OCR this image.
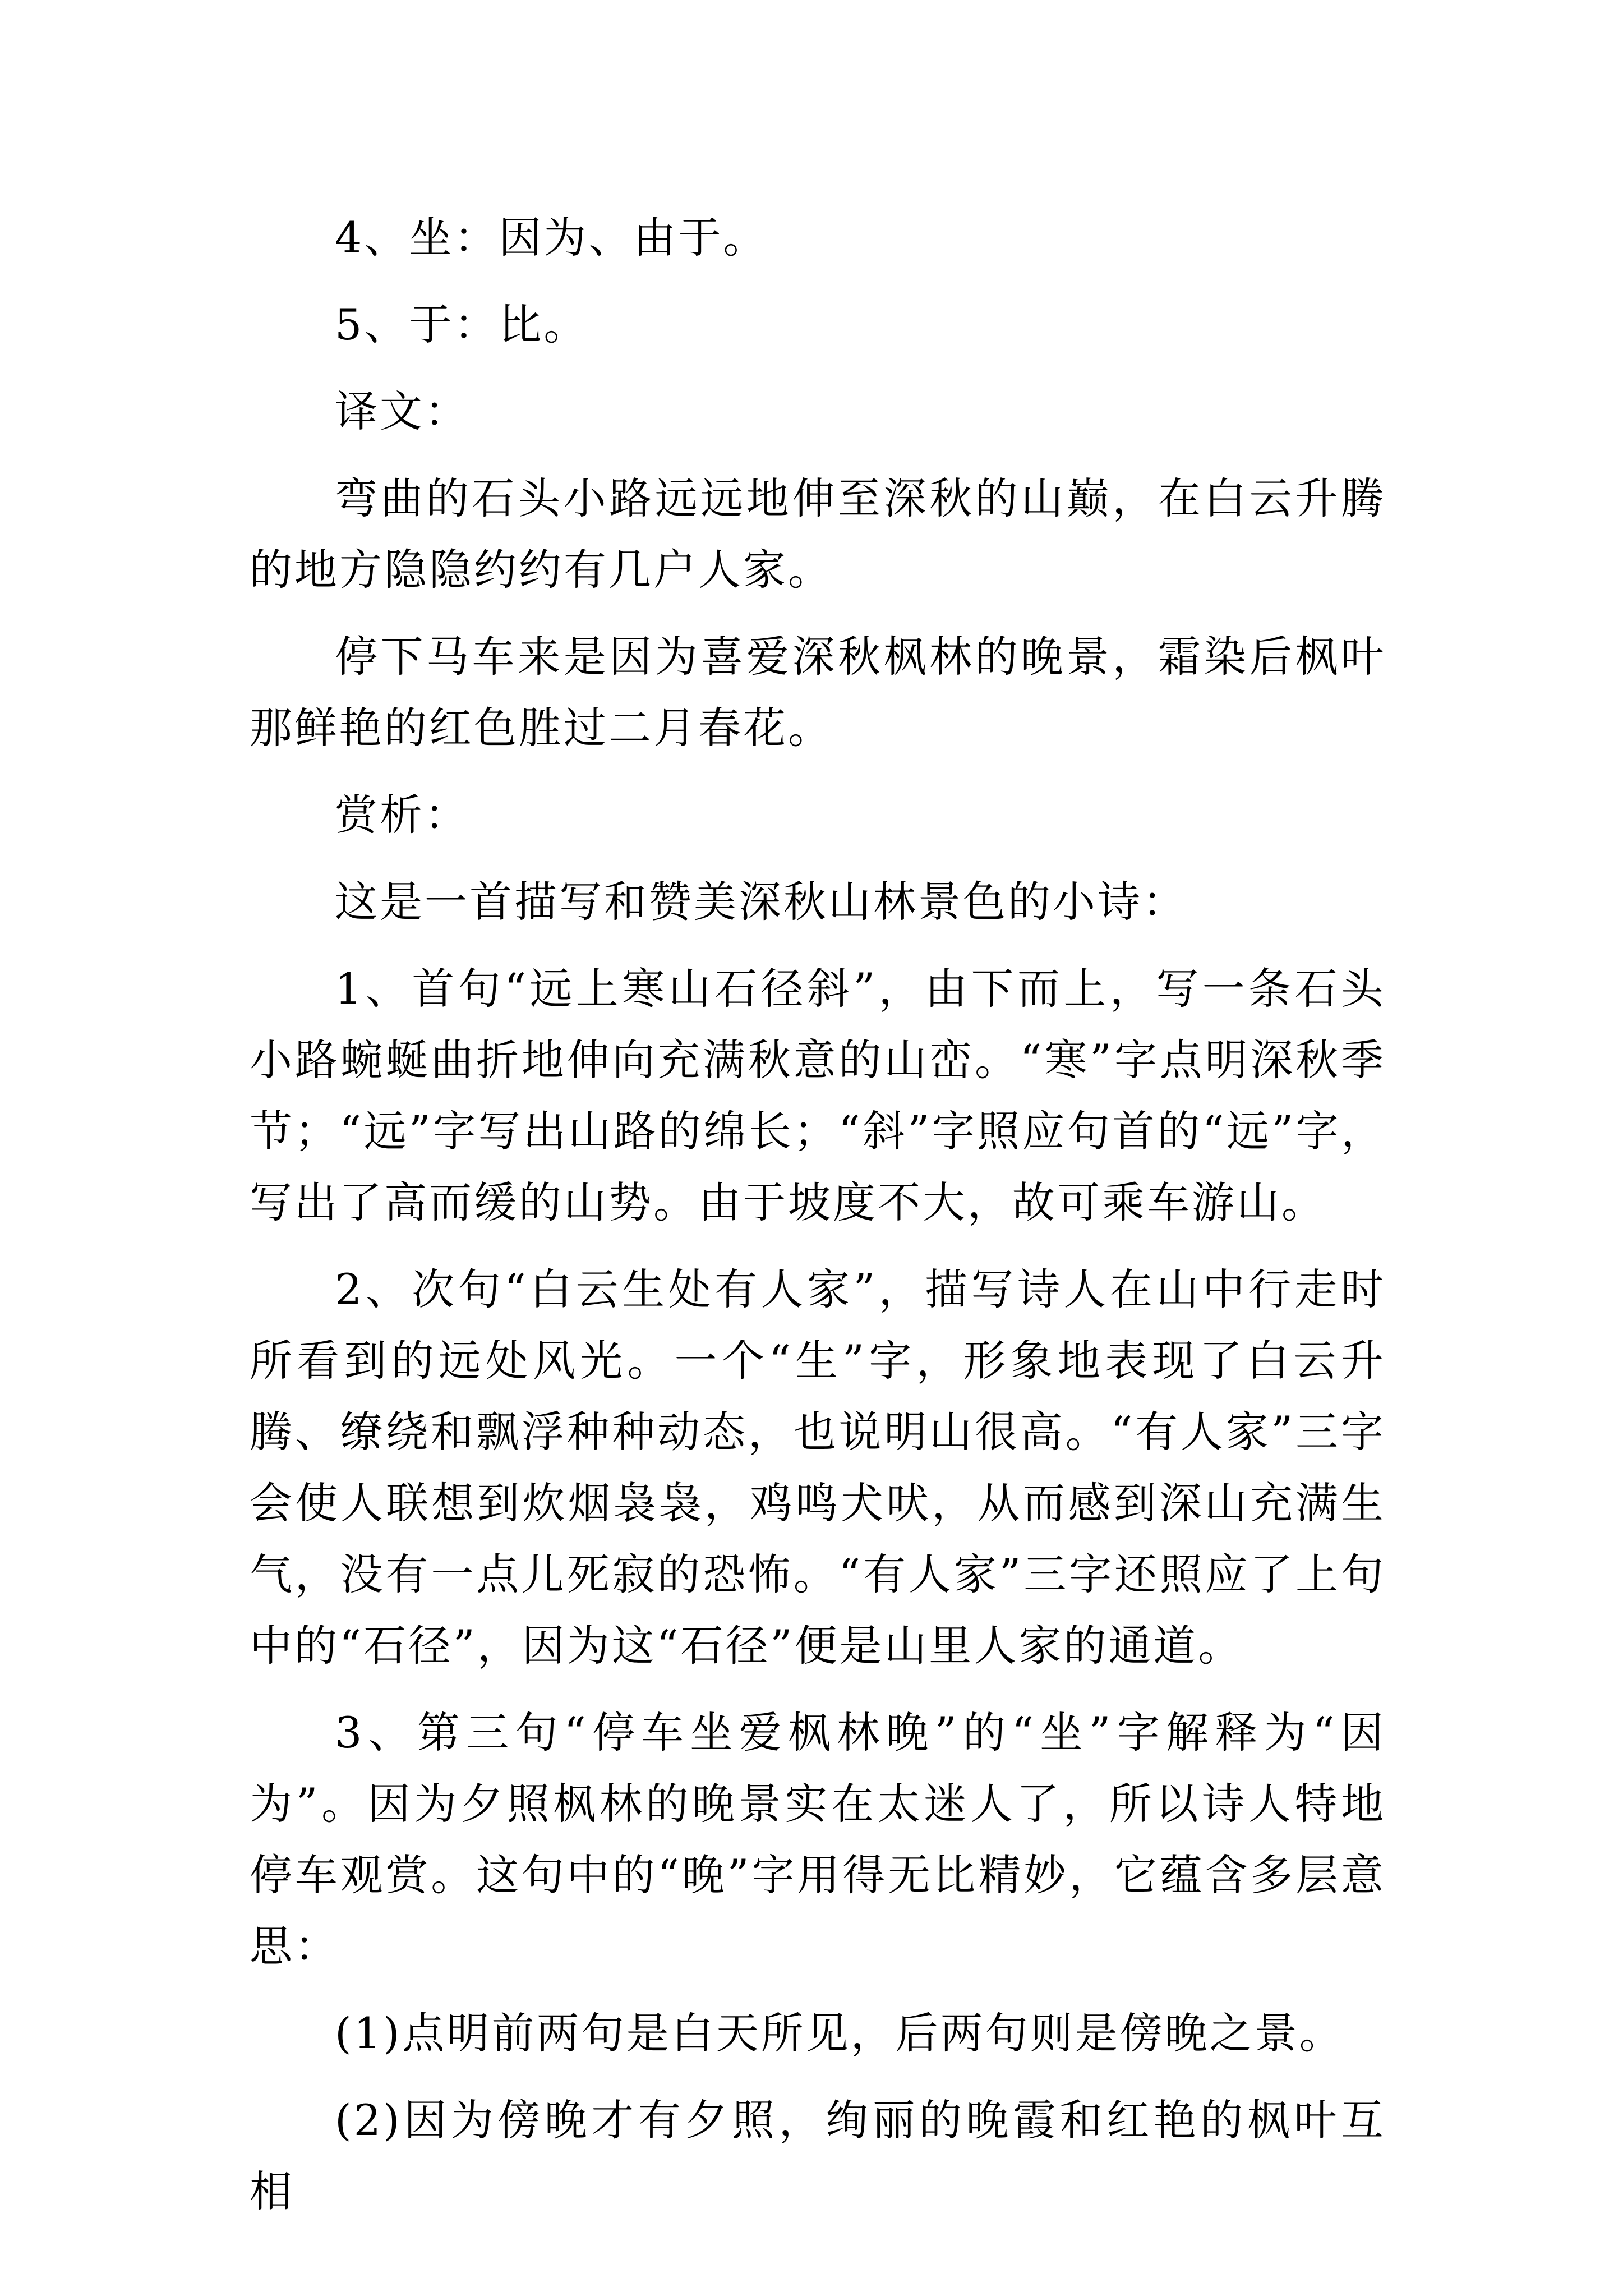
4、坐：因为、由于。

5、于：比。

译文：

弯曲的石头小路远远地伸至深秋的山巅，在白云升腾的地方隐隐约约有几户人家。

停下马车来是因为喜爱深秋枫林的晚景，霜染后枫叶那鲜艳的红色胜过二月春花。

赏析：

这是一首描写和赞美深秋山林景色的小诗：

1、首句“远上寒山石径斜”，由下而上，写一条石头小路蜿蜒曲折地伸向充满秋意的山峦。“寒”字点明深秋季节；“远”字写出山路的绵长；“斜”字照应句首的“远”字，写出了高而缓的山势。由于坡度不大，故可乘车游山。

2、次句“白云生处有人家”，描写诗人在山中行走时所看到的远处风光。一个“生”字，形象地表现了白云升腾、缭绕和飘浮种种动态，也说明山很高。“有人家”三字会使人联想到炊烟袅袅，鸡鸣犬吠，从而感到深山充满生气，没有一点儿死寂的恐怖。“有人家”三字还照应了上句中的“石径”，因为这“石径”便是山里人家的通道。

3、第三句“停车坐爱枫林晚”的“坐”字解释为“因为”。因为夕照枫林的晚景实在太迷人了，所以诗人特地停车观赏。这句中的“晚”字用得无比精妙，它蕴含多层意思：

(1)点明前两句是白天所见，后两句则是傍晚之景。

(2)因为傍晚才有夕照，绚丽的晚霞和红艳的枫叶互相
